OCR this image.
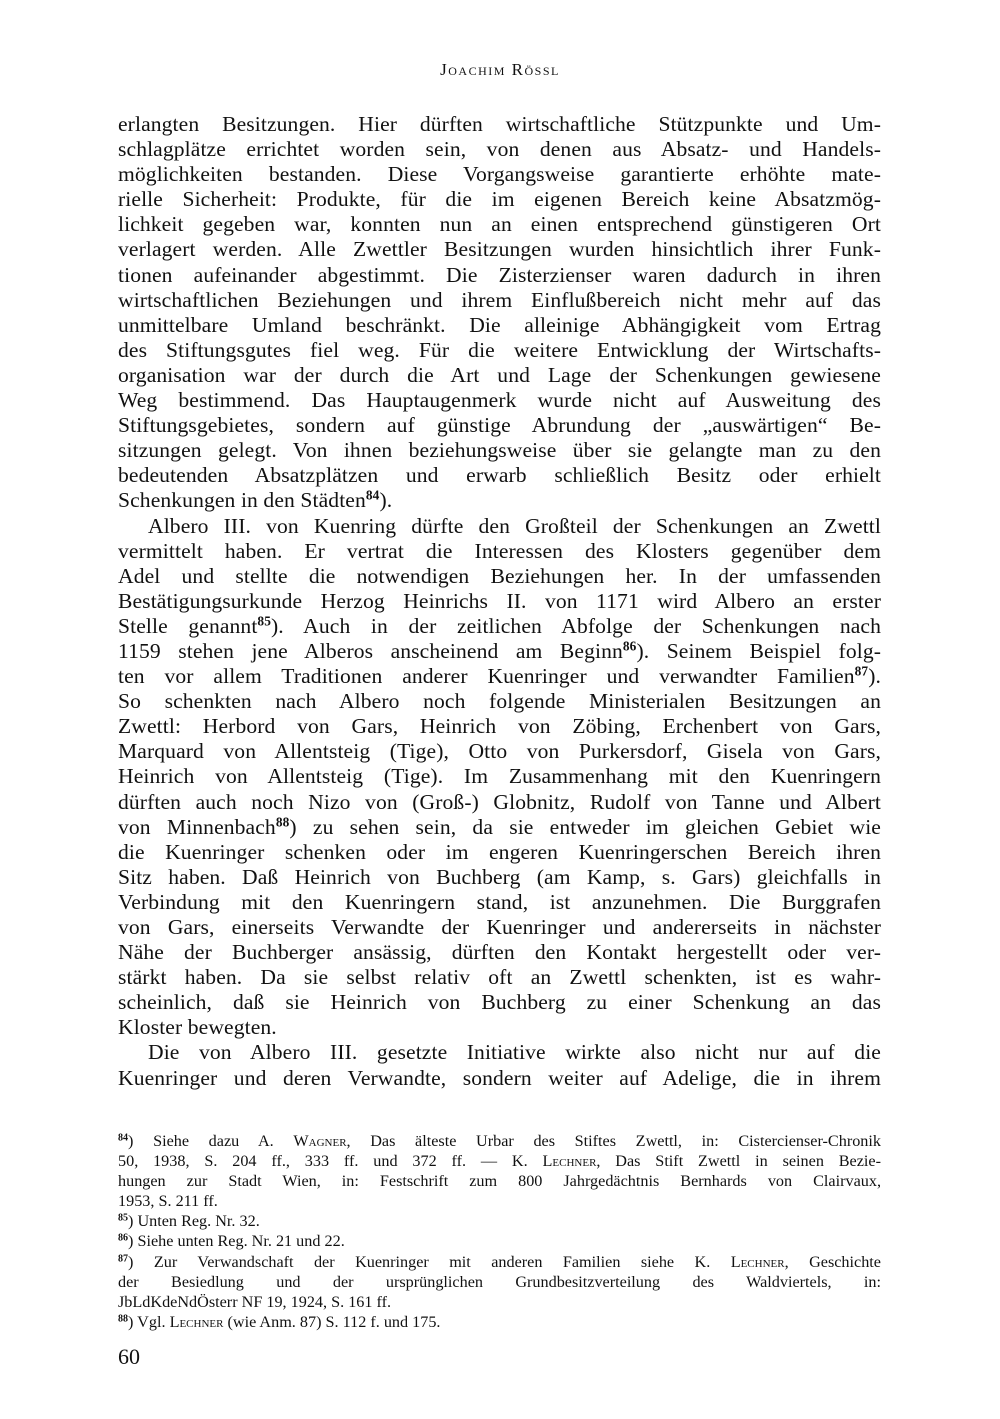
Joachim Rössl
erlangten Besitzungen. Hier dürften wirtschaftliche Stützpunkte und Um-
schlagplätze errichtet worden sein, von denen aus Absatz- und Handels-
möglichkeiten bestanden. Diese Vorgangsweise garantierte erhöhte mate-
rielle Sicherheit: Produkte, für die im eigenen Bereich keine Absatzmög-
lichkeit gegeben war, konnten nun an einen entsprechend günstigeren Ort
verlagert werden. Alle Zwettler Besitzungen wurden hinsichtlich ihrer Funk-
tionen aufeinander abgestimmt. Die Zisterzienser waren dadurch in ihren
wirtschaftlichen Beziehungen und ihrem Einflußbereich nicht mehr auf das
unmittelbare Umland beschränkt. Die alleinige Abhängigkeit vom Ertrag
des Stiftungsgutes fiel weg. Für die weitere Entwicklung der Wirtschafts-
organisation war der durch die Art und Lage der Schenkungen gewiesene
Weg bestimmend. Das Hauptaugenmerk wurde nicht auf Ausweitung des
Stiftungsgebietes, sondern auf günstige Abrundung der „auswärtigen“ Be-
sitzungen gelegt. Von ihnen beziehungsweise über sie gelangte man zu den
bedeutenden Absatzplätzen und erwarb schließlich Besitz oder erhielt
Schenkungen in den Städten$^{84}$).
Albero III. von Kuenring dürfte den Großteil der Schenkungen an Zwettl
vermittelt haben. Er vertrat die Interessen des Klosters gegenüber dem
Adel und stellte die notwendigen Beziehungen her. In der umfassenden
Bestätigungsurkunde Herzog Heinrichs II. von 1171 wird Albero an erster
Stelle genannt$^{85}$). Auch in der zeitlichen Abfolge der Schenkungen nach
1159 stehen jene Alberos anscheinend am Beginn$^{86}$). Seinem Beispiel folg-
ten vor allem Traditionen anderer Kuenringer und verwandter Familien$^{87}$).
So schenkten nach Albero noch folgende Ministerialen Besitzungen an
Zwettl: Herbord von Gars, Heinrich von Zöbing, Erchenbert von Gars,
Marquard von Allentsteig (Tige), Otto von Purkersdorf, Gisela von Gars,
Heinrich von Allentsteig (Tige). Im Zusammenhang mit den Kuenringern
dürften auch noch Nizo von (Groß-) Globnitz, Rudolf von Tanne und Albert
von Minnenbach$^{88}$) zu sehen sein, da sie entweder im gleichen Gebiet wie
die Kuenringer schenken oder im engeren Kuenringerschen Bereich ihren
Sitz haben. Daß Heinrich von Buchberg (am Kamp, s. Gars) gleichfalls in
Verbindung mit den Kuenringern stand, ist anzunehmen. Die Burggrafen
von Gars, einerseits Verwandte der Kuenringer und andererseits in nächster
Nähe der Buchberger ansässig, dürften den Kontakt hergestellt oder ver-
stärkt haben. Da sie selbst relativ oft an Zwettl schenkten, ist es wahr-
scheinlich, daß sie Heinrich von Buchberg zu einer Schenkung an das
Kloster bewegten.
Die von Albero III. gesetzte Initiative wirkte also nicht nur auf die
Kuenringer und deren Verwandte, sondern weiter auf Adelige, die in ihrem
$^{84}$) Siehe dazu A. Wagner, Das älteste Urbar des Stiftes Zwettl, in: Cistercienser-Chronik
50, 1938, S. 204 ff., 333 ff. und 372 ff. — K. Lechner, Das Stift Zwettl in seinen Bezie-
hungen zur Stadt Wien, in: Festschrift zum 800 Jahrgedächtnis Bernhards von Clairvaux,
1953, S. 211 ff.
$^{85}$) Unten Reg. Nr. 32.
$^{86}$) Siehe unten Reg. Nr. 21 und 22.
$^{87}$) Zur Verwandschaft der Kuenringer mit anderen Familien siehe K. Lechner, Geschichte
der Besiedlung und der ursprünglichen Grundbesitzverteilung des Waldviertels, in:
JbLdKdeNdÖsterr NF 19, 1924, S. 161 ff.
$^{88}$) Vgl. Lechner (wie Anm. 87) S. 112 f. und 175.
60
